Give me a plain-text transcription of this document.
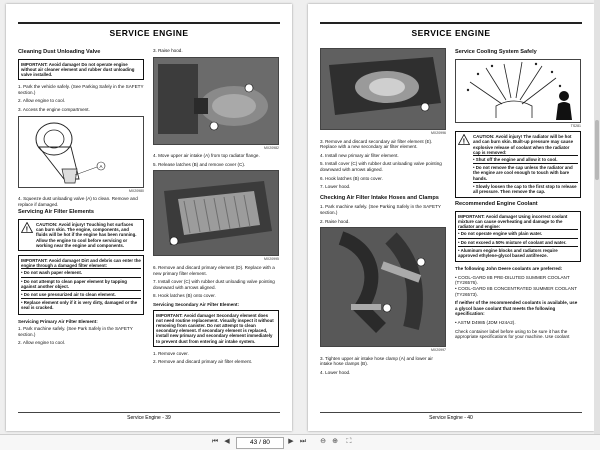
SERVICE ENGINE
Cleaning Dust Unloading Valve
IMPORTANT: Avoid damage! Do not operate engine without air cleaner element and rubber dust unloading valve installed.

1. Park the vehicle safely. (See Parking Safely in the SAFETY section.)

2. Allow engine to cool.

3. Access the engine compartment.

A
MX20980

4. Squeeze dust unloading valve (A) to clean. Remove and replace if damaged.

Servicing Air Filter Elements
!
CAUTION: Avoid injury! Touching hot surfaces can burn skin. The engine, components, and fluids will be hot if the engine has been running. Allow the engine to cool before servicing or working near the engine and components.
IMPORTANT: Avoid damage! Dirt and debris can enter the engine through a damaged filter element:
• Do not wash paper element.
• Do not attempt to clean paper element by tapping against another object.
• Do not use pressurized air to clean element.
• Replace element only if it is very dirty, damaged or the seal is cracked.
Servicing Primary Air Filter Element:

1. Park machine safely. (See Park Safely in the SAFETY section.)

2. Allow engine to cool.

3. Raise hood.

MX20982

4. Move upper air intake (A) from top radiator flange.

5. Release latches (B) and remove cover (C).

MX20995

6. Remove and discard primary element (D). Replace with a new primary filter element.

7. Install cover (C) with rubber dust unloading valve pointing downward with arrows aligned.

8. Hook latches (B) onto cover.

Servicing Secondary Air Filter Element:
IMPORTANT: Avoid damage! Secondary element does not need routine replacement. Visually inspect it without removing from canister. Do not attempt to clean secondary element. If secondary element is replaced, install new primary and secondary element immediately to prevent dust from entering air intake system.

1. Remove cover.

2. Remove and discard primary air filter element.

Service Engine - 39
SERVICE ENGINE
MX20996

3. Remove and discard secondary air filter element (E). Replace with a new secondary air filter element.

4. Install new primary air filter element.

5. Install cover (C) with rubber dust unloading valve pointing downward with arrows aligned.

6. Hook latches (B) onto cover.

7. Lower hood.

Checking Air Filter Intake Hoses and Clamps

1. Park machine safely. (See Parking Safely in the SAFETY section.)

2. Raise hood.

MX20997

3. Tighten upper air intake hose clamp (A) and lower air intake hose clamps (B).

4. Lower hood.

Service Cooling System Safely
TS281
!
CAUTION: Avoid injury! The radiator will be hot and can burn skin. Built-up pressure may cause explosive release of coolant when the radiator cap is removed:
• Shut off the engine and allow it to cool.
• Do not remove the cap unless the radiator and the engine are cool enough to touch with bare hands.
• Slowly loosen the cap to the first stop to release all pressure. Then remove the cap.
Recommended Engine Coolant
IMPORTANT: Avoid damage! Using incorrect coolant mixture can cause overheating and damage to the radiator and engine:
• Do not operate engine with plain water.
• Do not exceed a 50% mixture of coolant and water.
• Aluminum engine blocks and radiators require approved ethylene-glycol based antifreeze.

The following John Deere coolants are preferred:

• COOL-GARD IIB PRE-DILUTED SUMMER COOLANT (TY26576).
• COOL-GARD IIB CONCENTRATED SUMMER COOLANT (TY26573).

If neither of the recommended coolants is available, use a glycol base coolant that meets the following specification:

• ASTM D4985 (JDM H24A2).

Check container label before using to be sure it has the appropriate specifications for your machine. Use coolant

Service Engine - 40
⏮ ◀	43 / 80	▶ ⏭ ⊖ ⊕	⛶
